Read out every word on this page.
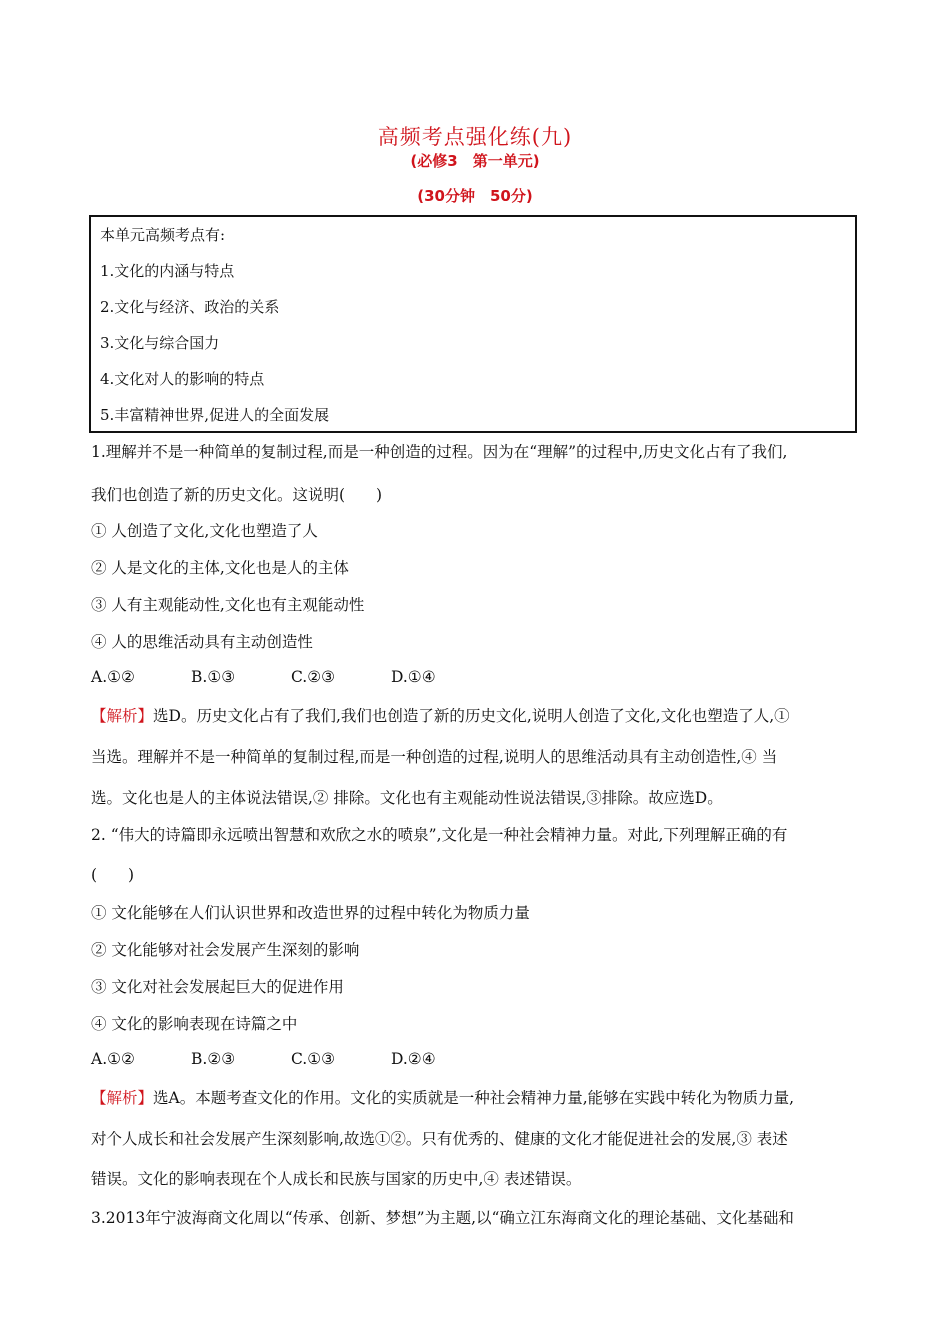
高频考点强化练(九)
(必修3　第一单元)
(30分钟　50分)
本单元高频考点有:
1.文化的内涵与特点
2.文化与经济、政治的关系
3.文化与综合国力
4.文化对人的影响的特点
5.丰富精神世界,促进人的全面发展
1.理解并不是一种简单的复制过程,而是一种创造的过程。因为在“理解”的过程中,历史文化占有了我们,
我们也创造了新的历史文化。这说明(　　)
① 人创造了文化,文化也塑造了人
② 人是文化的主体,文化也是人的主体
③ 人有主观能动性,文化也有主观能动性
④ 人的思维活动具有主动创造性
A.①②	B.①③	C.②③	D.①④
【解析】选D。历史文化占有了我们,我们也创造了新的历史文化,说明人创造了文化,文化也塑造了人,①
当选。理解并不是一种简单的复制过程,而是一种创造的过程,说明人的思维活动具有主动创造性,④ 当
选。文化也是人的主体说法错误,② 排除。文化也有主观能动性说法错误,③排除。故应选D。
2. “伟大的诗篇即永远喷出智慧和欢欣之水的喷泉”,文化是一种社会精神力量。对此,下列理解正确的有
(　　)
① 文化能够在人们认识世界和改造世界的过程中转化为物质力量
② 文化能够对社会发展产生深刻的影响
③ 文化对社会发展起巨大的促进作用
④ 文化的影响表现在诗篇之中
A.①②	B.②③	C.①③	D.②④
【解析】选A。本题考查文化的作用。文化的实质就是一种社会精神力量,能够在实践中转化为物质力量,
对个人成长和社会发展产生深刻影响,故选①②。只有优秀的、健康的文化才能促进社会的发展,③ 表述
错误。文化的影响表现在个人成长和民族与国家的历史中,④ 表述错误。
3.2013年宁波海商文化周以“传承、创新、梦想”为主题,以“确立江东海商文化的理论基础、文化基础和
